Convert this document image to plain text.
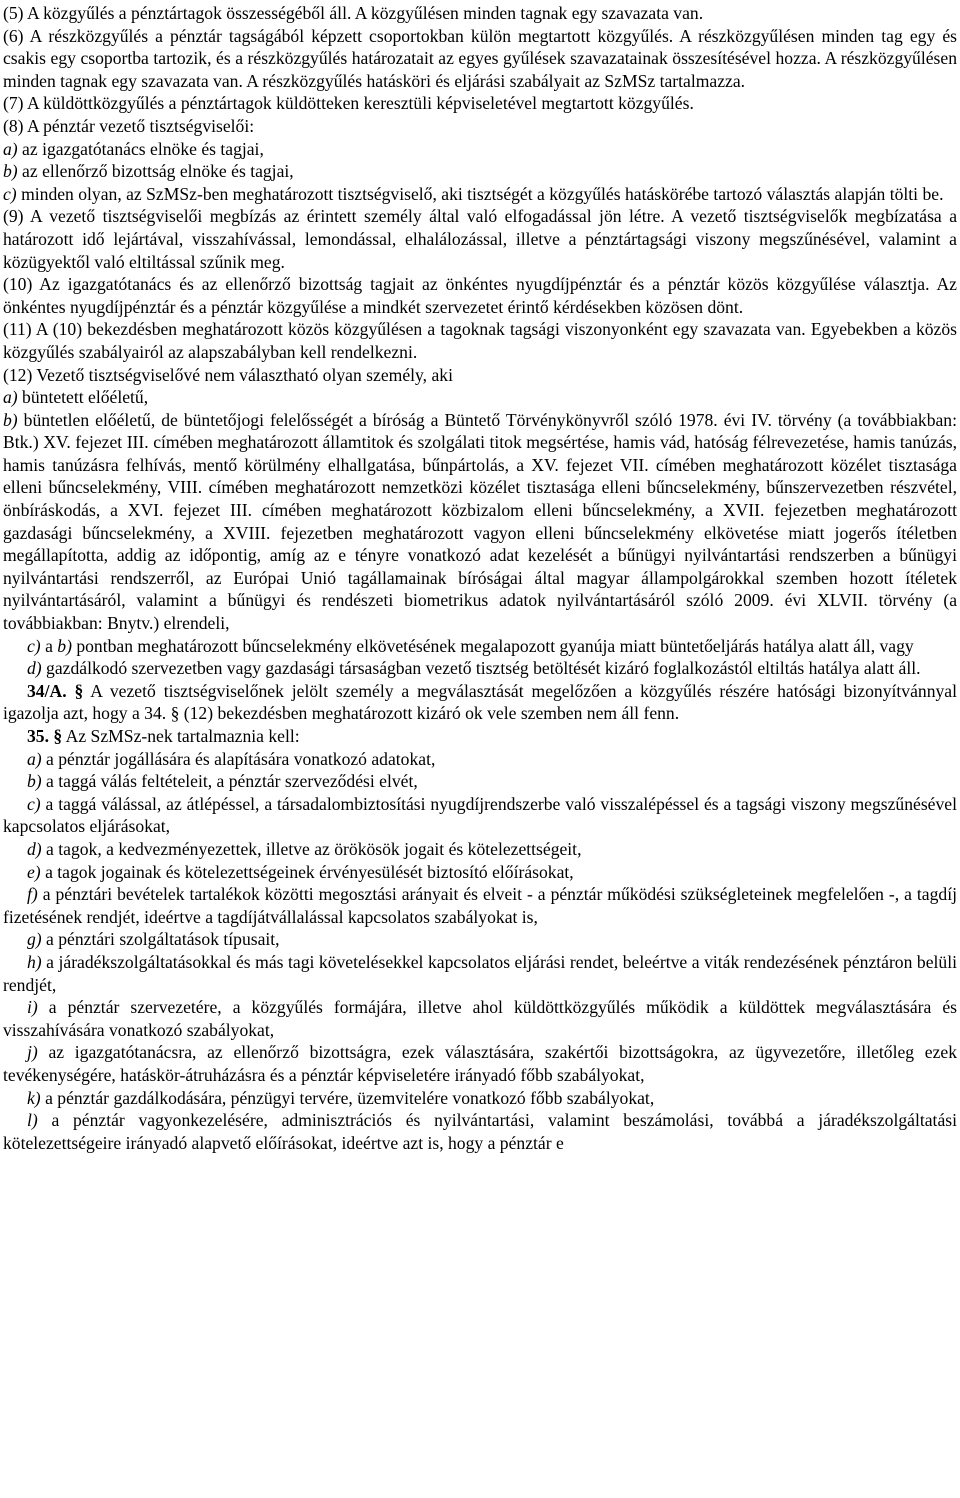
(5) A közgyűlés a pénztártagok összességéből áll. A közgyűlésen minden tagnak egy szavazata van.

(6) A részközgyűlés a pénztár tagságából képzett csoportokban külön megtartott közgyűlés. A részközgyűlésen minden tag egy és csakis egy csoportba tartozik, és a részközgyűlés határozatait az egyes gyűlések szavazatainak összesítésével hozza. A részközgyűlésen minden tagnak egy szavazata van. A részközgyűlés hatásköri és eljárási szabályait az SzMSz tartalmazza.

(7) A küldöttközgyűlés a pénztártagok küldötteken keresztüli képviseletével megtartott közgyűlés.

(8) A pénztár vezető tisztségviselői:

a) az igazgatótanács elnöke és tagjai,

b) az ellenőrző bizottság elnöke és tagjai,

c) minden olyan, az SzMSz-ben meghatározott tisztségviselő, aki tisztségét a közgyűlés hatáskörébe tartozó választás alapján tölti be.

(9) A vezető tisztségviselői megbízás az érintett személy által való elfogadással jön létre. A vezető tisztségviselők megbízatása a határozott idő lejártával, visszahívással, lemondással, elhalálozással, illetve a pénztártagsági viszony megszűnésével, valamint a közügyektől való eltiltással szűnik meg.

(10) Az igazgatótanács és az ellenőrző bizottság tagjait az önkéntes nyugdíjpénztár és a pénztár közös közgyűlése választja. Az önkéntes nyugdíjpénztár és a pénztár közgyűlése a mindkét szervezetet érintő kérdésekben közösen dönt.

(11) A (10) bekezdésben meghatározott közös közgyűlésen a tagoknak tagsági viszonyonként egy szavazata van. Egyebekben a közös közgyűlés szabályairól az alapszabályban kell rendelkezni.

(12) Vezető tisztségviselővé nem választható olyan személy, aki

a) büntetett előéletű,

b) büntetlen előéletű, de büntetőjogi felelősségét a bíróság a Büntető Törvénykönyvről szóló 1978. évi IV. törvény (a továbbiakban: Btk.) XV. fejezet III. címében meghatározott államtitok és szolgálati titok megsértése, hamis vád, hatóság félrevezetése, hamis tanúzás, hamis tanúzásra felhívás, mentő körülmény elhallgatása, bűnpártolás, a XV. fejezet VII. címében meghatározott közélet tisztasága elleni bűncselekmény, VIII. címében meghatározott nemzetközi közélet tisztasága elleni bűncselekmény, bűnszervezetben részvétel, önbíráskodás, a XVI. fejezet III. címében meghatározott közbizalom elleni bűncselekmény, a XVII. fejezetben meghatározott gazdasági bűncselekmény, a XVIII. fejezetben meghatározott vagyon elleni bűncselekmény elkövetése miatt jogerős ítéletben megállapította, addig az időpontig, amíg az e tényre vonatkozó adat kezelését a bűnügyi nyilvántartási rendszerben a bűnügyi nyilvántartási rendszerről, az Európai Unió tagállamainak bíróságai által magyar állampolgárokkal szemben hozott ítéletek nyilvántartásáról, valamint a bűnügyi és rendészeti biometrikus adatok nyilvántartásáról szóló 2009. évi XLVII. törvény (a továbbiakban: Bnytv.) elrendeli,

c) a b) pontban meghatározott bűncselekmény elkövetésének megalapozott gyanúja miatt büntetőeljárás hatálya alatt áll, vagy

d) gazdálkodó szervezetben vagy gazdasági társaságban vezető tisztség betöltését kizáró foglalkozástól eltiltás hatálya alatt áll.

34/A. § A vezető tisztségviselőnek jelölt személy a megválasztását megelőzően a közgyűlés részére hatósági bizonyítvánnyal igazolja azt, hogy a 34. § (12) bekezdésben meghatározott kizáró ok vele szemben nem áll fenn.

35. § Az SzMSz-nek tartalmaznia kell:

a) a pénztár jogállására és alapítására vonatkozó adatokat,

b) a taggá válás feltételeit, a pénztár szerveződési elvét,

c) a taggá válással, az átlépéssel, a társadalombiztosítási nyugdíjrendszerbe való visszalépéssel és a tagsági viszony megszűnésével kapcsolatos eljárásokat,

d) a tagok, a kedvezményezettek, illetve az örökösök jogait és kötelezettségeit,

e) a tagok jogainak és kötelezettségeinek érvényesülését biztosító előírásokat,

f) a pénztári bevételek tartalékok közötti megosztási arányait és elveit - a pénztár működési szükségleteinek megfelelően -, a tagdíj fizetésének rendjét, ideértve a tagdíjátvállalással kapcsolatos szabályokat is,

g) a pénztári szolgáltatások típusait,

h) a járadékszolgáltatásokkal és más tagi követelésekkel kapcsolatos eljárási rendet, beleértve a viták rendezésének pénztáron belüli rendjét,

i) a pénztár szervezetére, a közgyűlés formájára, illetve ahol küldöttközgyűlés működik a küldöttek megválasztására és visszahívására vonatkozó szabályokat,

j) az igazgatótanácsra, az ellenőrző bizottságra, ezek választására, szakértői bizottságokra, az ügyvezetőre, illetőleg ezek tevékenységére, hatáskör-átruházásra és a pénztár képviseletére irányadó főbb szabályokat,

k) a pénztár gazdálkodására, pénzügyi tervére, üzemvitelére vonatkozó főbb szabályokat,

l) a pénztár vagyonkezelésére, adminisztrációs és nyilvántartási, valamint beszámolási, továbbá a járadékszolgáltatási kötelezettségeire irányadó alapvető előírásokat, ideértve azt is, hogy a pénztár e
